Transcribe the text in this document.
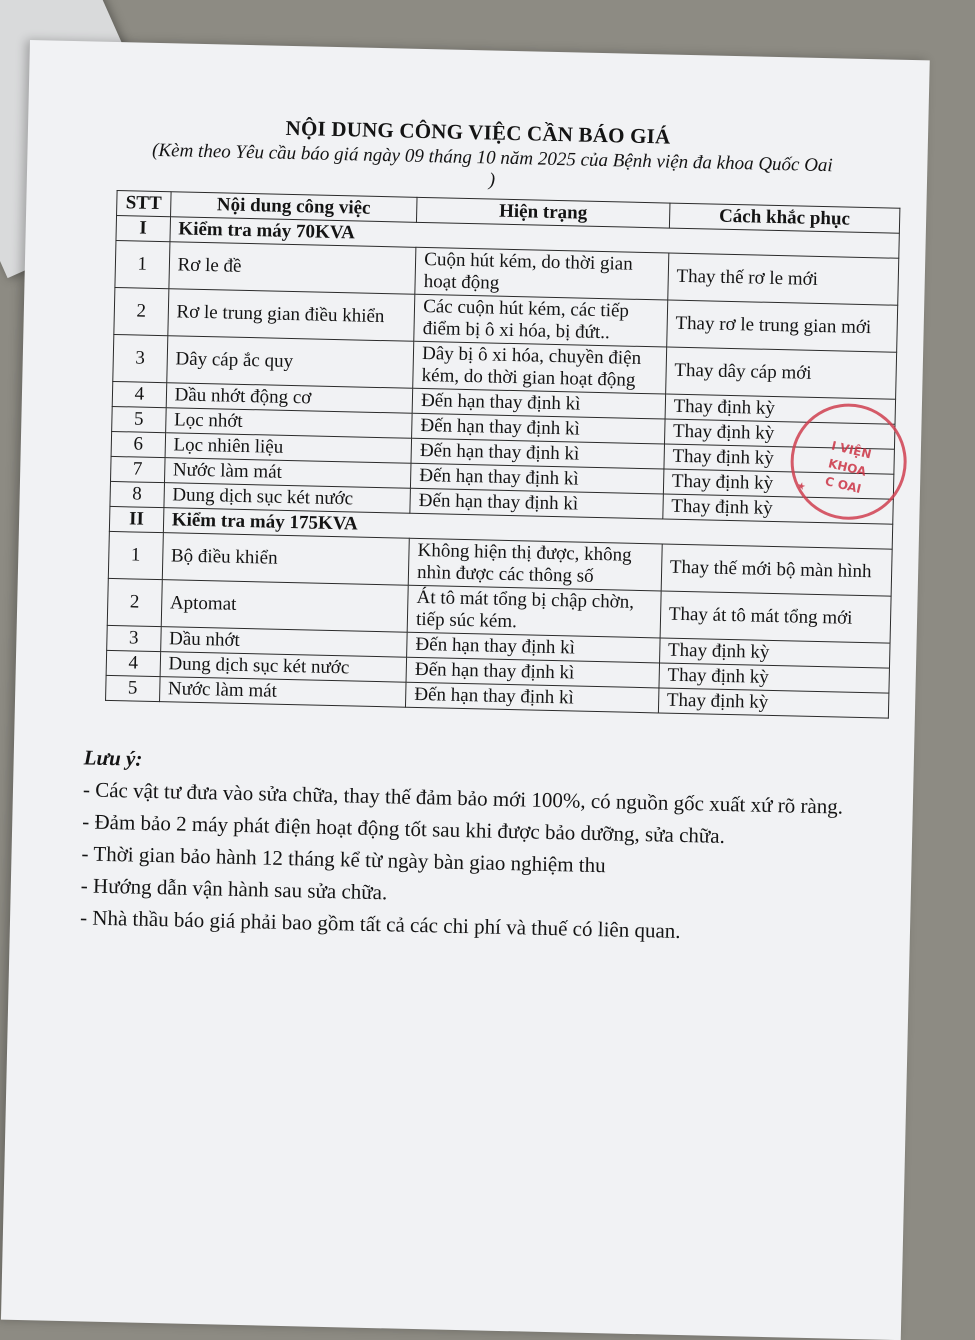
NỘI DUNG CÔNG VIỆC CẦN BÁO GIÁ
(Kèm theo Yêu cầu báo giá ngày 09 tháng 10 năm 2025 của Bệnh viện đa khoa Quốc Oai )
STT	Nội dung công việc	Hiện trạng	Cách khắc phục
I	Kiểm tra máy 70KVA		
1	Rơ le đề	Cuộn hút kém, do thời gian hoạt động	Thay thế rơ le mới
2	Rơ le trung gian điều khiển	Các cuộn hút kém, các tiếp điểm bị ô xi hóa, bị đứt..	Thay rơ le trung gian mới
3	Dây cáp ắc quy	Dây bị ô xi hóa, chuyền điện kém, do thời gian hoạt động	Thay dây cáp mới
4	Dầu nhớt động cơ	Đến hạn thay định kì	Thay định kỳ
5	Lọc nhớt	Đến hạn thay định kì	Thay định kỳ
6	Lọc nhiên liệu	Đến hạn thay định kì	Thay định kỳ
7	Nước làm mát	Đến hạn thay định kì	Thay định kỳ
8	Dung dịch sục két nước	Đến hạn thay định kì	Thay định kỳ
II	Kiểm tra máy 175KVA		
1	Bộ điều khiển	Không hiện thị được, không nhìn được các thông số	Thay thế mới bộ màn hình
2	Aptomat	Át tô mát tổng bị chập chờn, tiếp súc kém.	Thay át tô mát tổng mới
3	Dầu nhớt	Đến hạn thay định kì	Thay định kỳ
4	Dung dịch sục két nước	Đến hạn thay định kì	Thay định kỳ
5	Nước làm mát	Đến hạn thay định kì	Thay định kỳ
I VIỆN
KHOA
C OAI
★
Lưu ý:

- Các vật tư đưa vào sửa chữa, thay thế đảm bảo mới 100%, có nguồn gốc xuất xứ rõ ràng.

- Đảm bảo 2 máy phát điện hoạt động tốt sau khi được bảo dưỡng, sửa chữa.

- Thời gian bảo hành 12 tháng kể từ ngày bàn giao nghiệm thu

- Hướng dẫn vận hành sau sửa chữa.

- Nhà thầu báo giá phải bao gồm tất cả các chi phí và thuế có liên quan.
